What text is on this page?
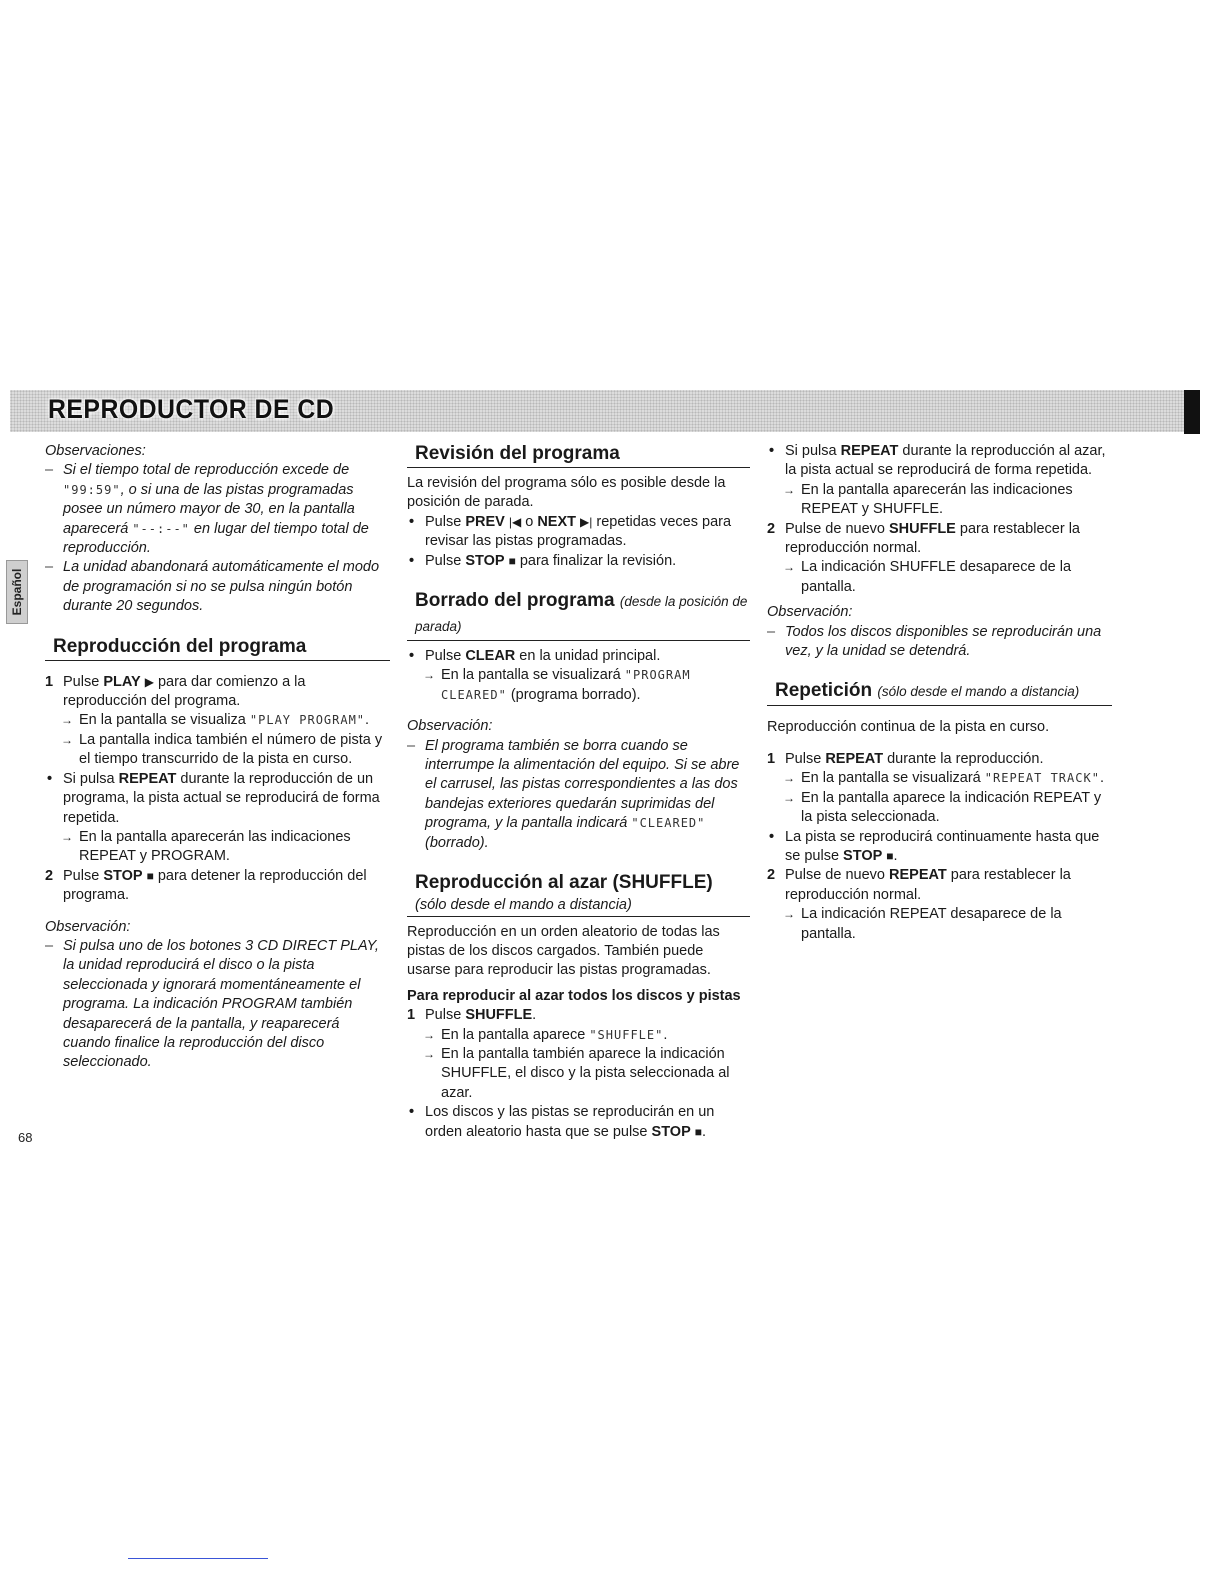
REPRODUCTOR DE CD
Español

Observaciones:

– Si el tiempo total de reproducción excede de
"99:59", o si una de las pistas programadas posee un número mayor de 30, en la pantalla aparecerá "--:--" en lugar del tiempo total de reproducción.

– La unidad abandonará automáticamente el modo de programación si no se pulsa ningún botón durante 20 segundos.

Reproducción del programa

1 Pulse PLAY ▶ para dar comienzo a la reproducción del programa.

→ En la pantalla se visualiza "PLAY PROGRAM".

→ La pantalla indica también el número de pista y el tiempo transcurrido de la pista en curso.

• Si pulsa REPEAT durante la reproducción de un programa, la pista actual se reproducirá de forma repetida.

→ En la pantalla aparecerán las indicaciones REPEAT y PROGRAM.

2 Pulse STOP ■ para detener la reproducción del programa.

Observación:

– Si pulsa uno de los botones 3 CD DIRECT PLAY, la unidad reproducirá el disco o la pista seleccionada y ignorará momentáneamente el programa. La indicación PROGRAM también desaparecerá de la pantalla, y reaparecerá cuando finalice la reproducción del disco seleccionado.

Revisión del programa

La revisión del programa sólo es posible desde la posición de parada.

• Pulse PREV |◀ o NEXT ▶| repetidas veces para revisar las pistas programadas.

• Pulse STOP ■ para finalizar la revisión.

Borrado del programa (desde la posición de parada)

• Pulse CLEAR en la unidad principal.

→ En la pantalla se visualizará "PROGRAM CLEARED" (programa borrado).

Observación:

– El programa también se borra cuando se interrumpe la alimentación del equipo. Si se abre el carrusel, las pistas correspondientes a las dos bandejas exteriores quedarán suprimidas del programa, y la pantalla indicará "CLEARED" (borrado).

Reproducción al azar (SHUFFLE)

(sólo desde el mando a distancia)

Reproducción en un orden aleatorio de todas las pistas de los discos cargados. También puede usarse para reproducir las pistas programadas.

Para reproducir al azar todos los discos y pistas

1 Pulse SHUFFLE.

→ En la pantalla aparece "SHUFFLE".

→ En la pantalla también aparece la indicación SHUFFLE, el disco y la pista seleccionada al azar.

• Los discos y las pistas se reproducirán en un orden aleatorio hasta que se pulse STOP ■.

• Si pulsa REPEAT durante la reproducción al azar, la pista actual se reproducirá de forma repetida.

→ En la pantalla aparecerán las indicaciones REPEAT y SHUFFLE.

2 Pulse de nuevo SHUFFLE para restablecer la reproducción normal.

→ La indicación SHUFFLE desaparece de la pantalla.

Observación:

– Todos los discos disponibles se reproducirán una vez, y la unidad se detendrá.

Repetición (sólo desde el mando a distancia)

Reproducción continua de la pista en curso.

1 Pulse REPEAT durante la reproducción.

→ En la pantalla se visualizará "REPEAT TRACK".

→ En la pantalla aparece la indicación REPEAT y la pista seleccionada.

• La pista se reproducirá continuamente hasta que se pulse STOP ■.

2 Pulse de nuevo REPEAT para restablecer la reproducción normal.

→ La indicación REPEAT desaparece de la pantalla.

68
